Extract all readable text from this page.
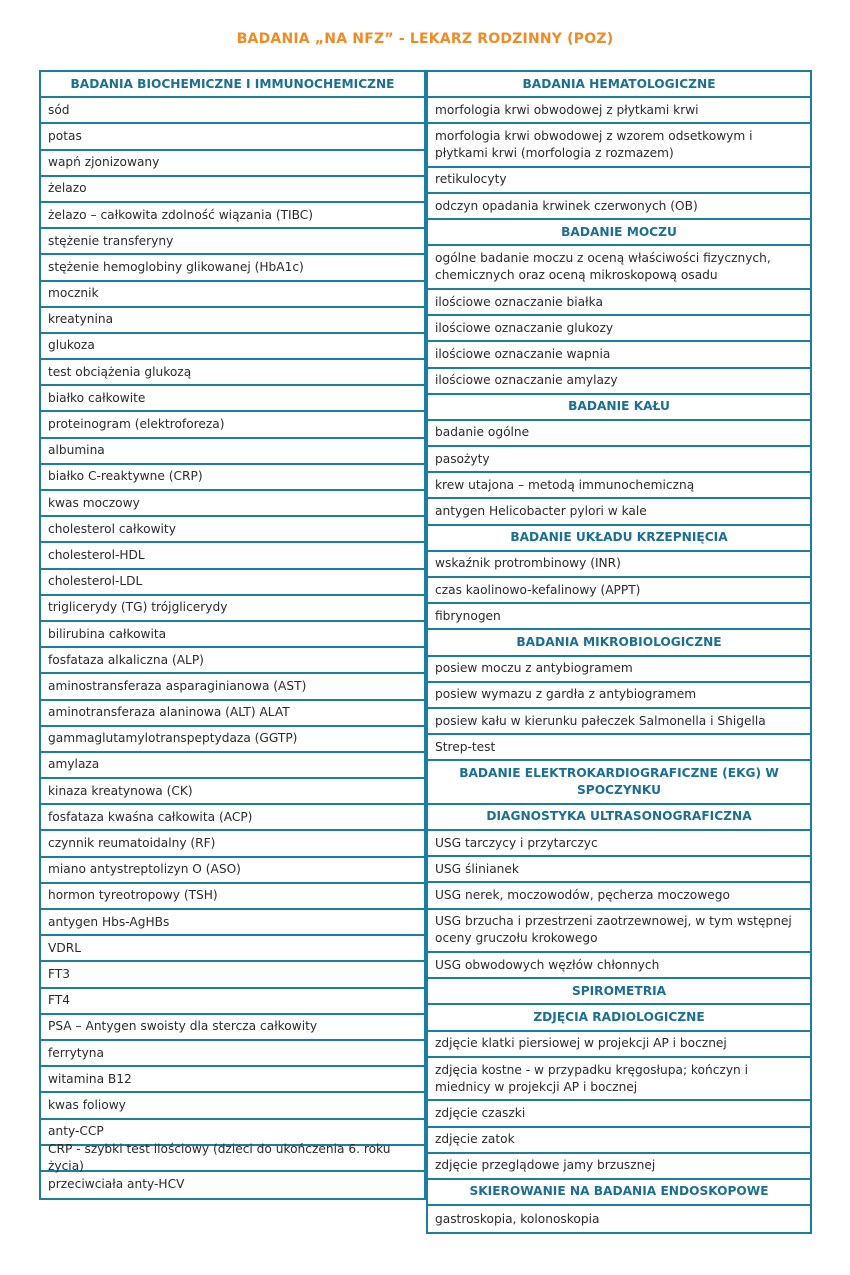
BADANIA „NA NFZ” - LEKARZ RODZINNY (POZ)
BADANIA BIOCHEMICZNE I IMMUNOCHEMICZNE
sód
potas
wapń zjonizowany
żelazo
żelazo – całkowita zdolność wiązania (TIBC)
stężenie transferyny
stężenie hemoglobiny glikowanej (HbA1c)
mocznik
kreatynina
glukoza
test obciążenia glukozą
białko całkowite
proteinogram (elektroforeza)
albumina
białko C-reaktywne (CRP)
kwas moczowy
cholesterol całkowity
cholesterol-HDL
cholesterol-LDL
triglicerydy (TG) trójglicerydy
bilirubina całkowita
fosfataza alkaliczna (ALP)
aminostransferaza asparaginianowa (AST)
aminotransferaza alaninowa (ALT) ALAT
gammaglutamylotranspeptydaza (GGTP)
amylaza
kinaza kreatynowa (CK)
fosfataza kwaśna całkowita (ACP)
czynnik reumatoidalny (RF)
miano antystreptolizyn O (ASO)
hormon tyreotropowy (TSH)
antygen Hbs-AgHBs
VDRL
FT3
FT4
PSA – Antygen swoisty dla stercza całkowity
ferrytyna
witamina B12
kwas foliowy
anty-CCP
CRP - szybki test ilościowy (dzieci do ukończenia 6. roku życia)
przeciwciała anty-HCV
BADANIA HEMATOLOGICZNE
morfologia krwi obwodowej z płytkami krwi
morfologia krwi obwodowej z wzorem odsetkowym i płytkami krwi (morfologia z rozmazem)
retikulocyty
odczyn opadania krwinek czerwonych (OB)
BADANIE MOCZU
ogólne badanie moczu z oceną właściwości fizycznych, chemicznych oraz oceną mikroskopową osadu
ilościowe oznaczanie białka
ilościowe oznaczanie glukozy
ilościowe oznaczanie wapnia
ilościowe oznaczanie amylazy
BADANIE KAŁU
badanie ogólne
pasożyty
krew utajona – metodą immunochemiczną
antygen Helicobacter pylori w kale
BADANIE UKŁADU KRZEPNIĘCIA
wskaźnik protrombinowy (INR)
czas kaolinowo-kefalinowy (APPT)
fibrynogen
BADANIA MIKROBIOLOGICZNE
posiew moczu z antybiogramem
posiew wymazu z gardła z antybiogramem
posiew kału w kierunku pałeczek Salmonella i Shigella
Strep-test
BADANIE ELEKTROKARDIOGRAFICZNE (EKG) W SPOCZYNKU
DIAGNOSTYKA ULTRASONOGRAFICZNA
USG tarczycy i przytarczyc
USG ślinianek
USG nerek, moczowodów, pęcherza moczowego
USG brzucha i przestrzeni zaotrzewnowej, w tym wstępnej oceny gruczołu krokowego
USG obwodowych węzłów chłonnych
SPIROMETRIA
ZDJĘCIA RADIOLOGICZNE
zdjęcie klatki piersiowej w projekcji AP i bocznej
zdjęcia kostne - w przypadku kręgosłupa; kończyn i miednicy w projekcji AP i bocznej
zdjęcie czaszki
zdjęcie zatok
zdjęcie przeglądowe jamy brzusznej
SKIEROWANIE NA BADANIA ENDOSKOPOWE
gastroskopia, kolonoskopia
